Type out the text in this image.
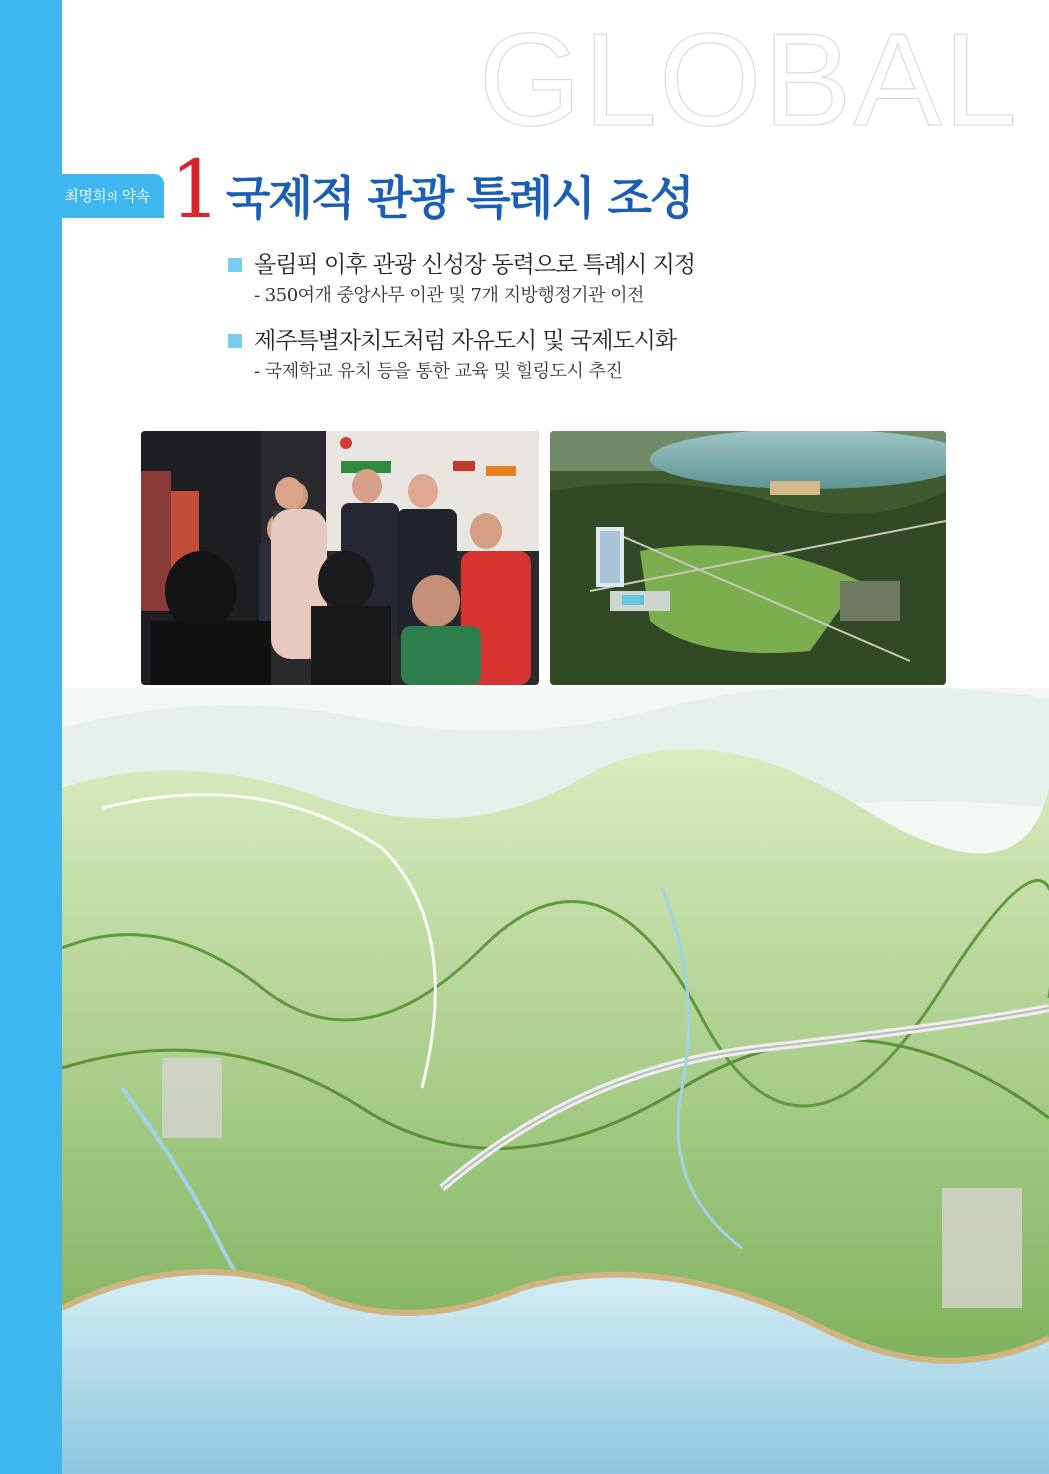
GLOBAL
최명희의 약속 1 국제적 관광 특례시 조성
올림픽 이후 관광 신성장 동력으로 특례시 지정
- 350여개 중앙사무 이관 및 7개 지방행정기관 이전
제주특별자치도처럼 자유도시 및 국제도시화
- 국제학교 유치 등을 통한 교육 및 힐링도시 추진
